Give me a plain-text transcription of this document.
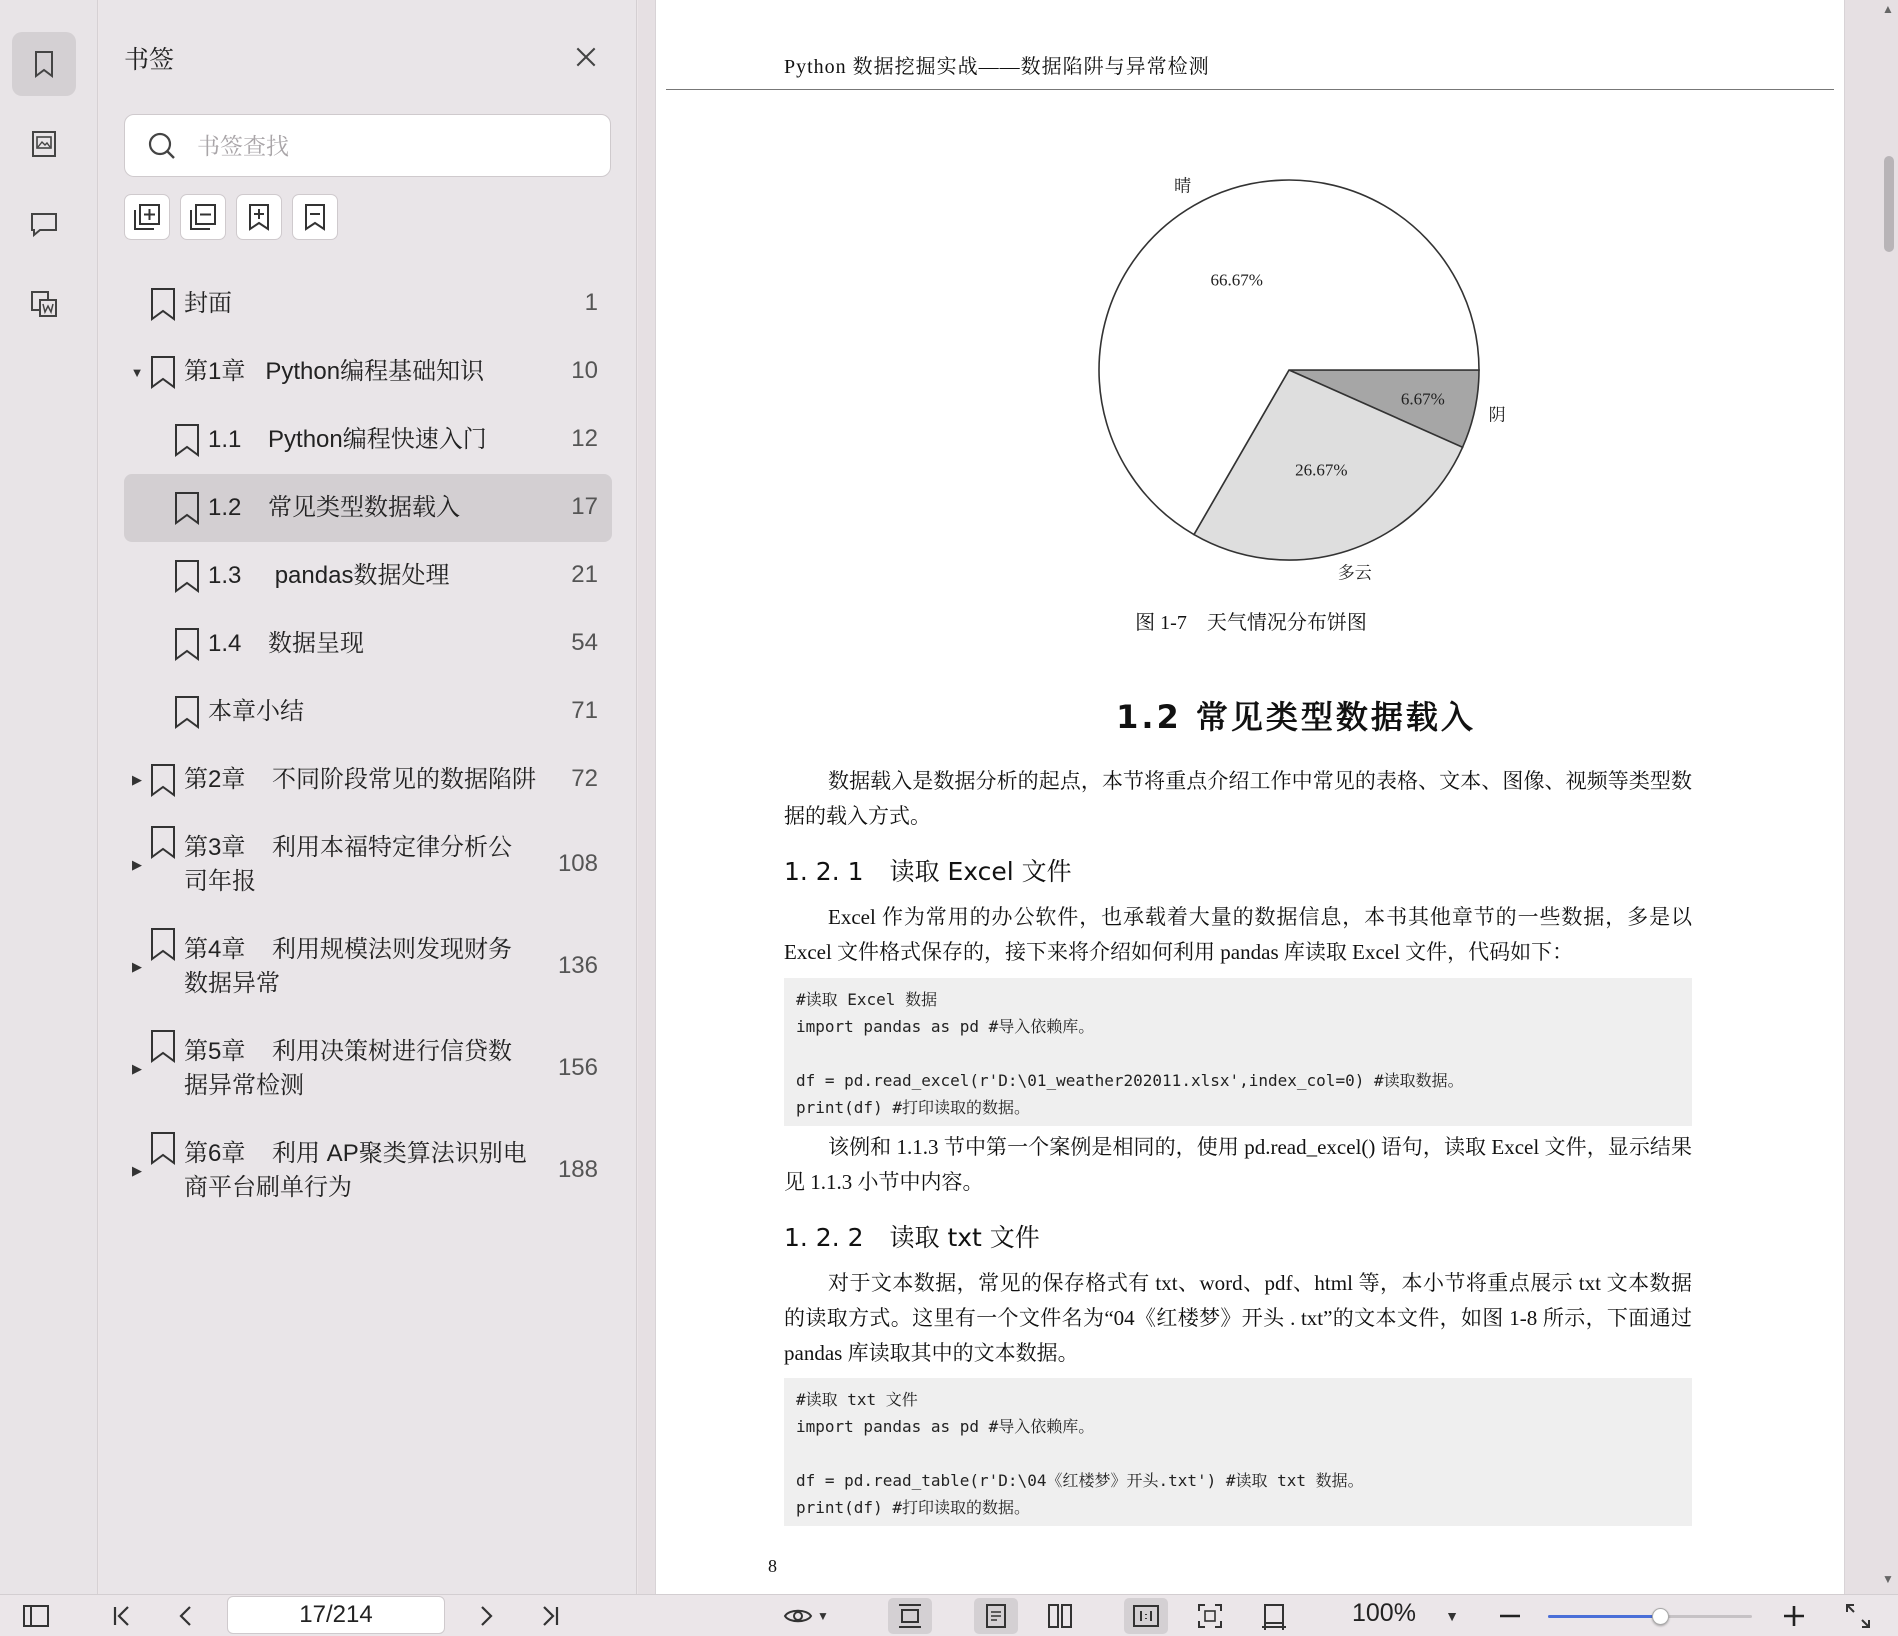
书签
书签查找
封面	1
▼ 第1章   Python编程基础知识	10
1.1    Python编程快速入门	12
1.2    常见类型数据载入	17
1.3     pandas数据处理	21
1.4    数据呈现	54
本章小结	71
▶ 第2章    不同阶段常见的数据陷阱 72
▶
第3章    利用本福特定律分析公
司年报
108
▶
第4章    利用规模法则发现财务
数据异常
136
▶
第5章    利用决策树进行信贷数
据异常检测
156
▶
第6章    利用 AP聚类算法识别电
商平台刷单行为
188
Python 数据挖掘实战——数据陷阱与异常检测
6.67%
阴
26.67%
多云
66.67%
晴
图 1-7 天气情况分布饼图
1.2 常见类型数据载入
数据载入是数据分析的起点，本节将重点介绍工作中常见的表格、文本、图像、视频等类型数据的载入方式。
1. 2. 1 读取 Excel 文件
Excel 作为常用的办公软件，也承载着大量的数据信息，本书其他章节的一些数据，多是以 Excel 文件格式保存的，接下来将介绍如何利用 pandas 库读取 Excel 文件，代码如下：
#读取 Excel 数据
import pandas as pd #导入依赖库。

df = pd.read_excel(r'D:\01_weather202011.xlsx',index_col=0) #读取数据。
print(df) #打印读取的数据。
该例和 1.1.3 节中第一个案例是相同的，使用 pd.read_excel() 语句，读取 Excel 文件，显示结果见 1.1.3 小节中内容。
1. 2. 2 读取 txt 文件
对于文本数据，常见的保存格式有 txt、word、pdf、html 等，本小节将重点展示 txt 文本数据的读取方式。这里有一个文件名为“04《红楼梦》开头 . txt”的文本文件，如图 1-8 所示，下面通过 pandas 库读取其中的文本数据。
#读取 txt 文件
import pandas as pd #导入依赖库。

df = pd.read_table(r'D:\04《红楼梦》开头.txt') #读取 txt 数据。
print(df) #打印读取的数据。
8
▲
▼
17/214
▼	100% ▼
